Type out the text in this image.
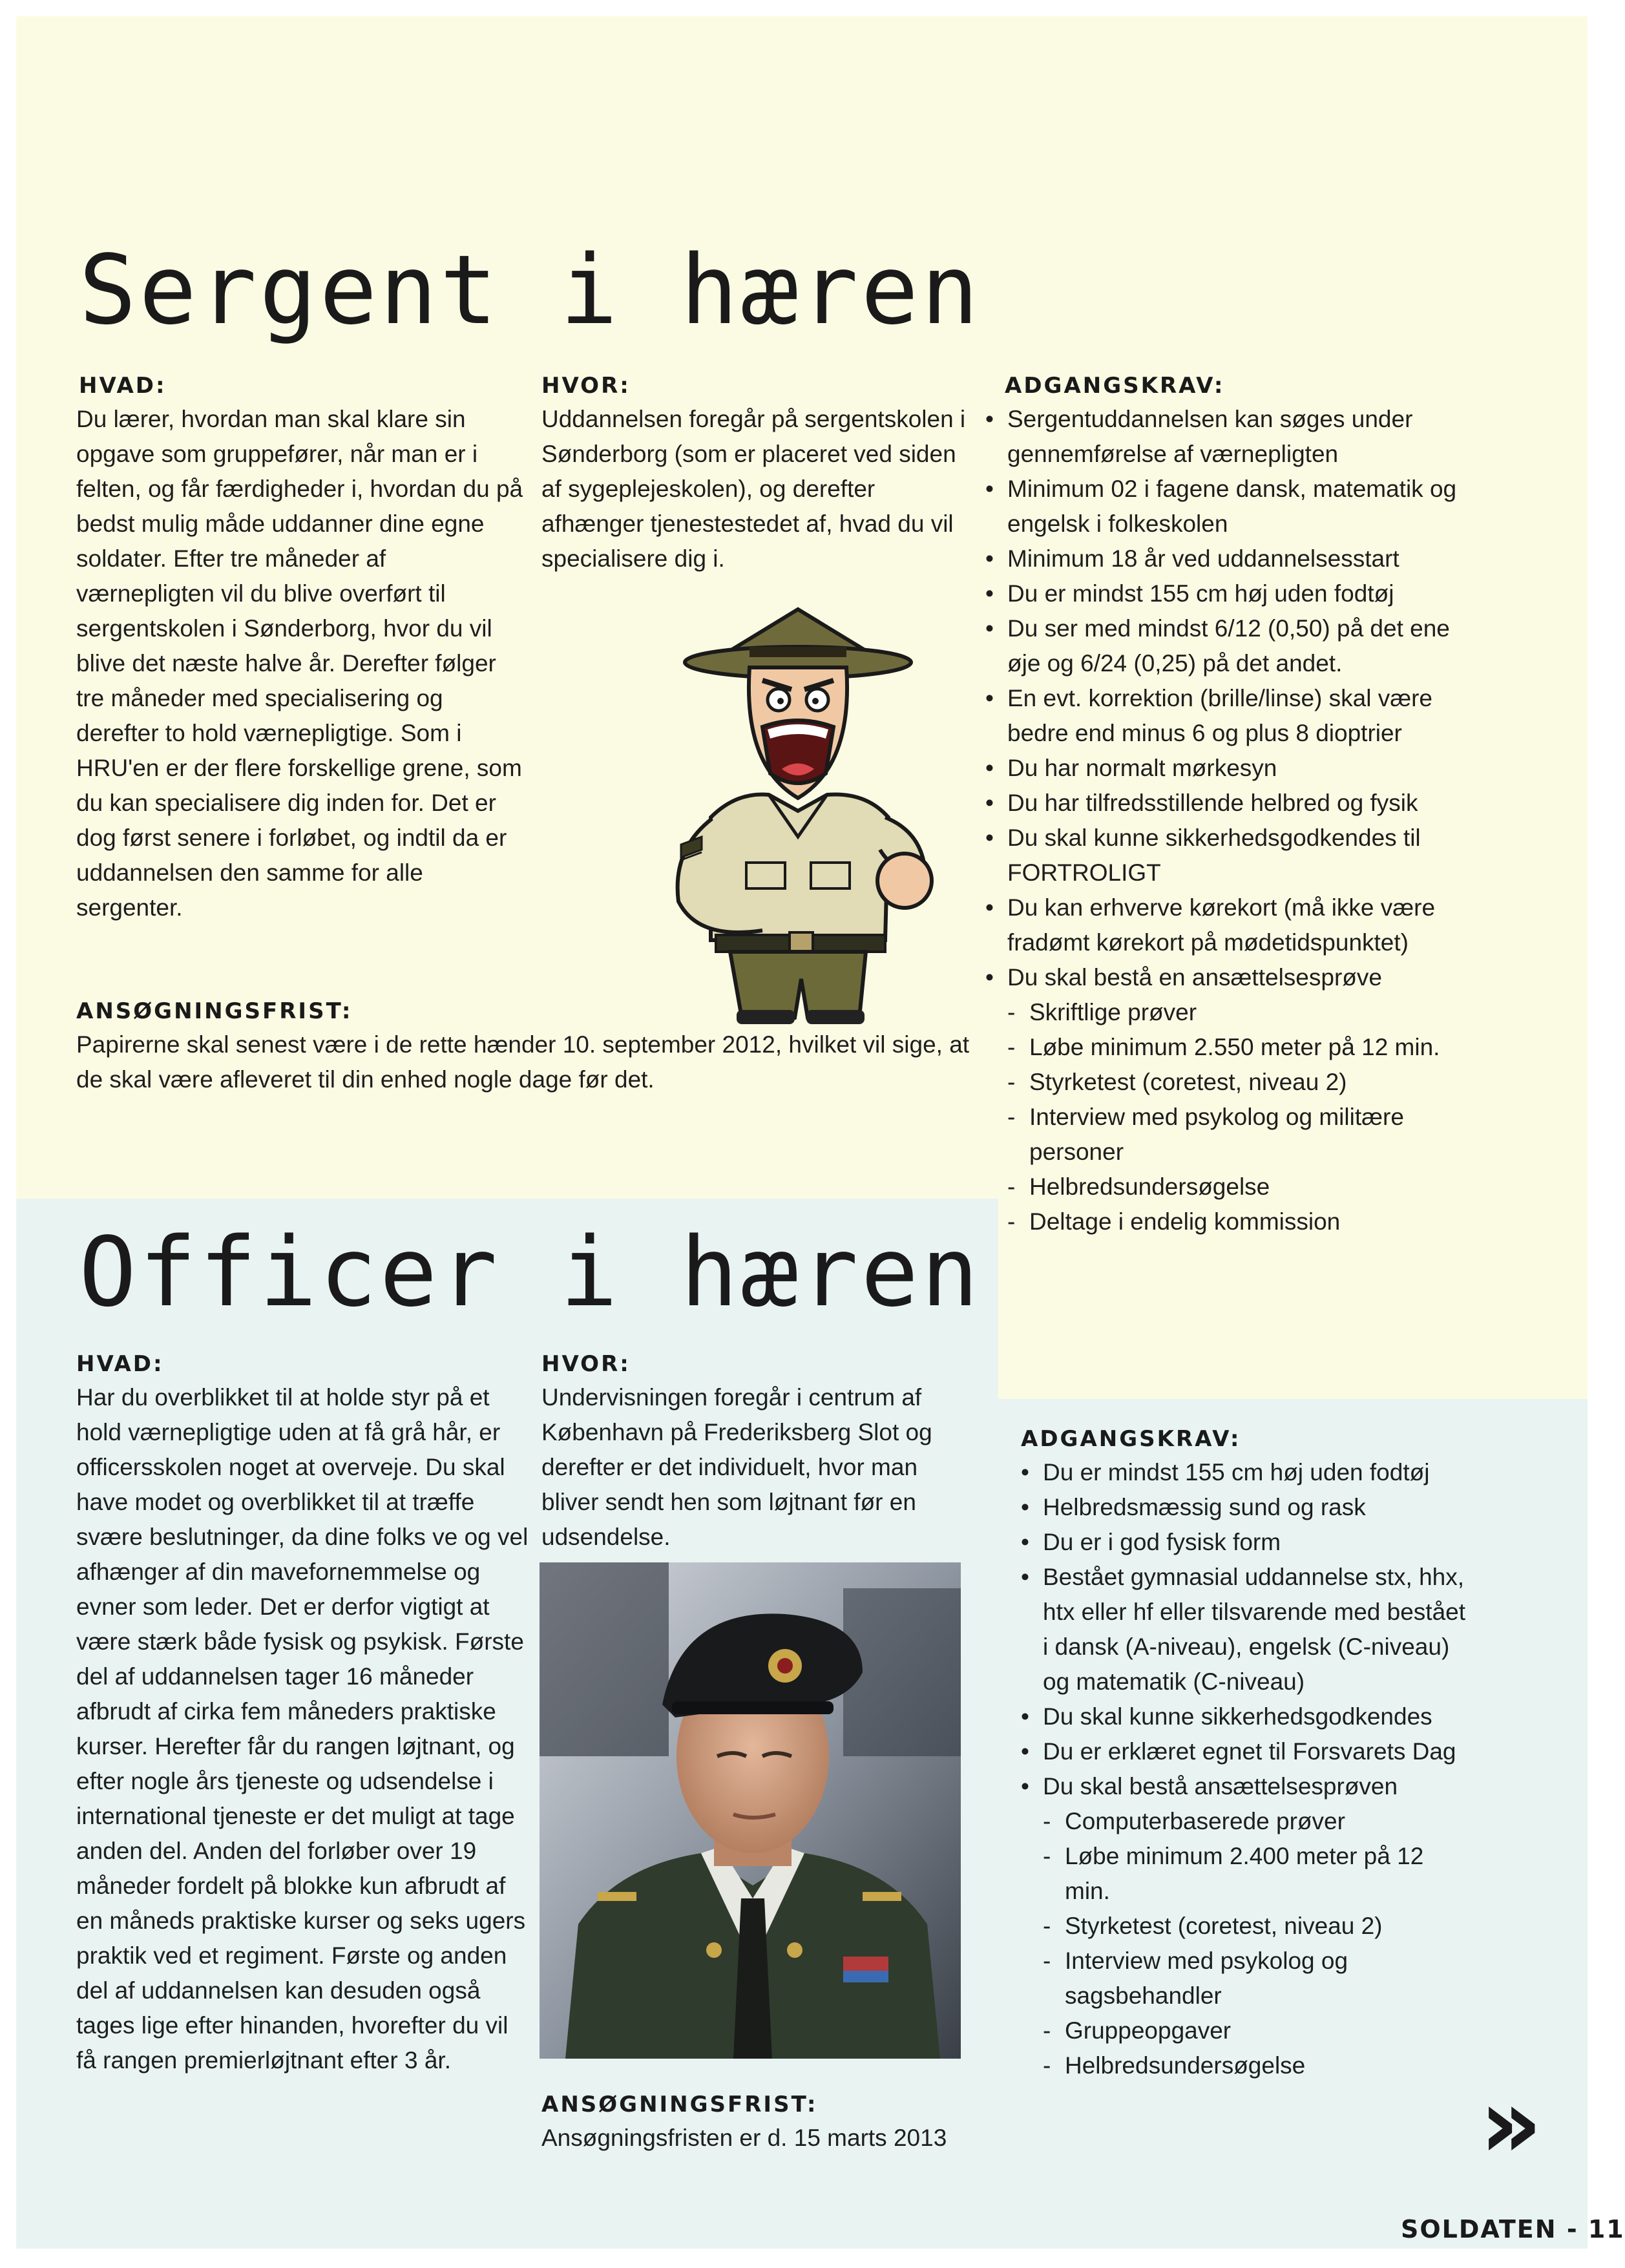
Sergent i hæren
HVAD:
Du lærer, hvordan man skal klare sin opgave som gruppefører, når man er i felten, og får færdigheder i, hvordan du på bedst mulig måde uddanner dine egne soldater. Efter tre måneder af værnepligten vil du blive overført til sergentskolen i Sønderborg, hvor du vil blive det næste halve år. Derefter følger tre måneder med specialisering og derefter to hold værnepligtige. Som i HRU'en er der flere forskellige grene, som du kan specialisere dig inden for. Det er dog først senere i forløbet, og indtil da er uddannelsen den samme for alle sergenter.
HVOR:
Uddannelsen foregår på sergentskolen i Sønderborg (som er placeret ved siden af sygeplejeskolen), og derefter afhænger tjenestestedet af, hvad du vil specialisere dig i.
ANSØGNINGSFRIST:
Papirerne skal senest være i de rette hænder 10. september 2012, hvilket vil sige, at de skal være afleveret til din enhed nogle dage før det.
ADGANGSKRAV:
• Sergentuddannelsen kan søges under gennemførelse af værnepligten
• Minimum 02 i fagene dansk, matematik og engelsk i folkeskolen
• Minimum 18 år ved uddannelsesstart
• Du er mindst 155 cm høj uden fodtøj
• Du ser med mindst 6/12 (0,50) på det ene øje og 6/24 (0,25) på det andet.
• En evt. korrektion (brille/linse) skal være bedre end minus 6 og plus 8 dioptrier
• Du har normalt mørkesyn
• Du har tilfredsstillende helbred og fysik
• Du skal kunne sikkerhedsgodkendes til FORTROLIGT
• Du kan erhverve kørekort (må ikke være fradømt kørekort på mødetidspunktet)
• Du skal bestå en ansættelsesprøve
- Skriftlige prøver
- Løbe minimum 2.550 meter på 12 min.
- Styrketest (coretest, niveau 2)
- Interview med psykolog og militære personer
- Helbredsundersøgelse
- Deltage i endelig kommission
Officer i hæren
HVAD:
Har du overblikket til at holde styr på et hold værnepligtige uden at få grå hår, er officersskolen noget at overveje. Du skal have modet og overblikket til at træffe svære beslutninger, da dine folks ve og vel afhænger af din mavefornemmelse og evner som leder. Det er derfor vigtigt at være stærk både fysisk og psykisk. Første del af uddannelsen tager 16 måneder afbrudt af cirka fem måneders praktiske kurser. Herefter får du rangen løjtnant, og efter nogle års tjeneste og udsendelse i international tjeneste er det muligt at tage anden del. Anden del forløber over 19 måneder fordelt på blokke kun afbrudt af en måneds praktiske kurser og seks ugers praktik ved et regiment. Første og anden del af uddannelsen kan desuden også tages lige efter hinanden, hvorefter du vil få rangen premierløjtnant efter 3 år.
HVOR:
Undervisningen foregår i centrum af København på Frederiksberg Slot og derefter er det individuelt, hvor man bliver sendt hen som løjtnant før en udsendelse.
ANSØGNINGSFRIST:
Ansøgningsfristen er d. 15 marts 2013
ADGANGSKRAV:
• Du er mindst 155 cm høj uden fodtøj
• Helbredsmæssig sund og rask
• Du er i god fysisk form
• Bestået gymnasial uddannelse stx, hhx, htx eller hf eller tilsvarende med bestået i dansk (A-niveau), engelsk (C-niveau) og matematik (C-niveau)
• Du skal kunne sikkerhedsgodkendes
• Du er erklæret egnet til Forsvarets Dag
• Du skal bestå ansættelsesprøven
- Computerbaserede prøver
- Løbe minimum 2.400 meter på 12 min.
- Styrketest (coretest, niveau 2)
- Interview med psykolog og sagsbehandler
- Gruppeopgaver
- Helbredsundersøgelse
»
SOLDATEN - 11
